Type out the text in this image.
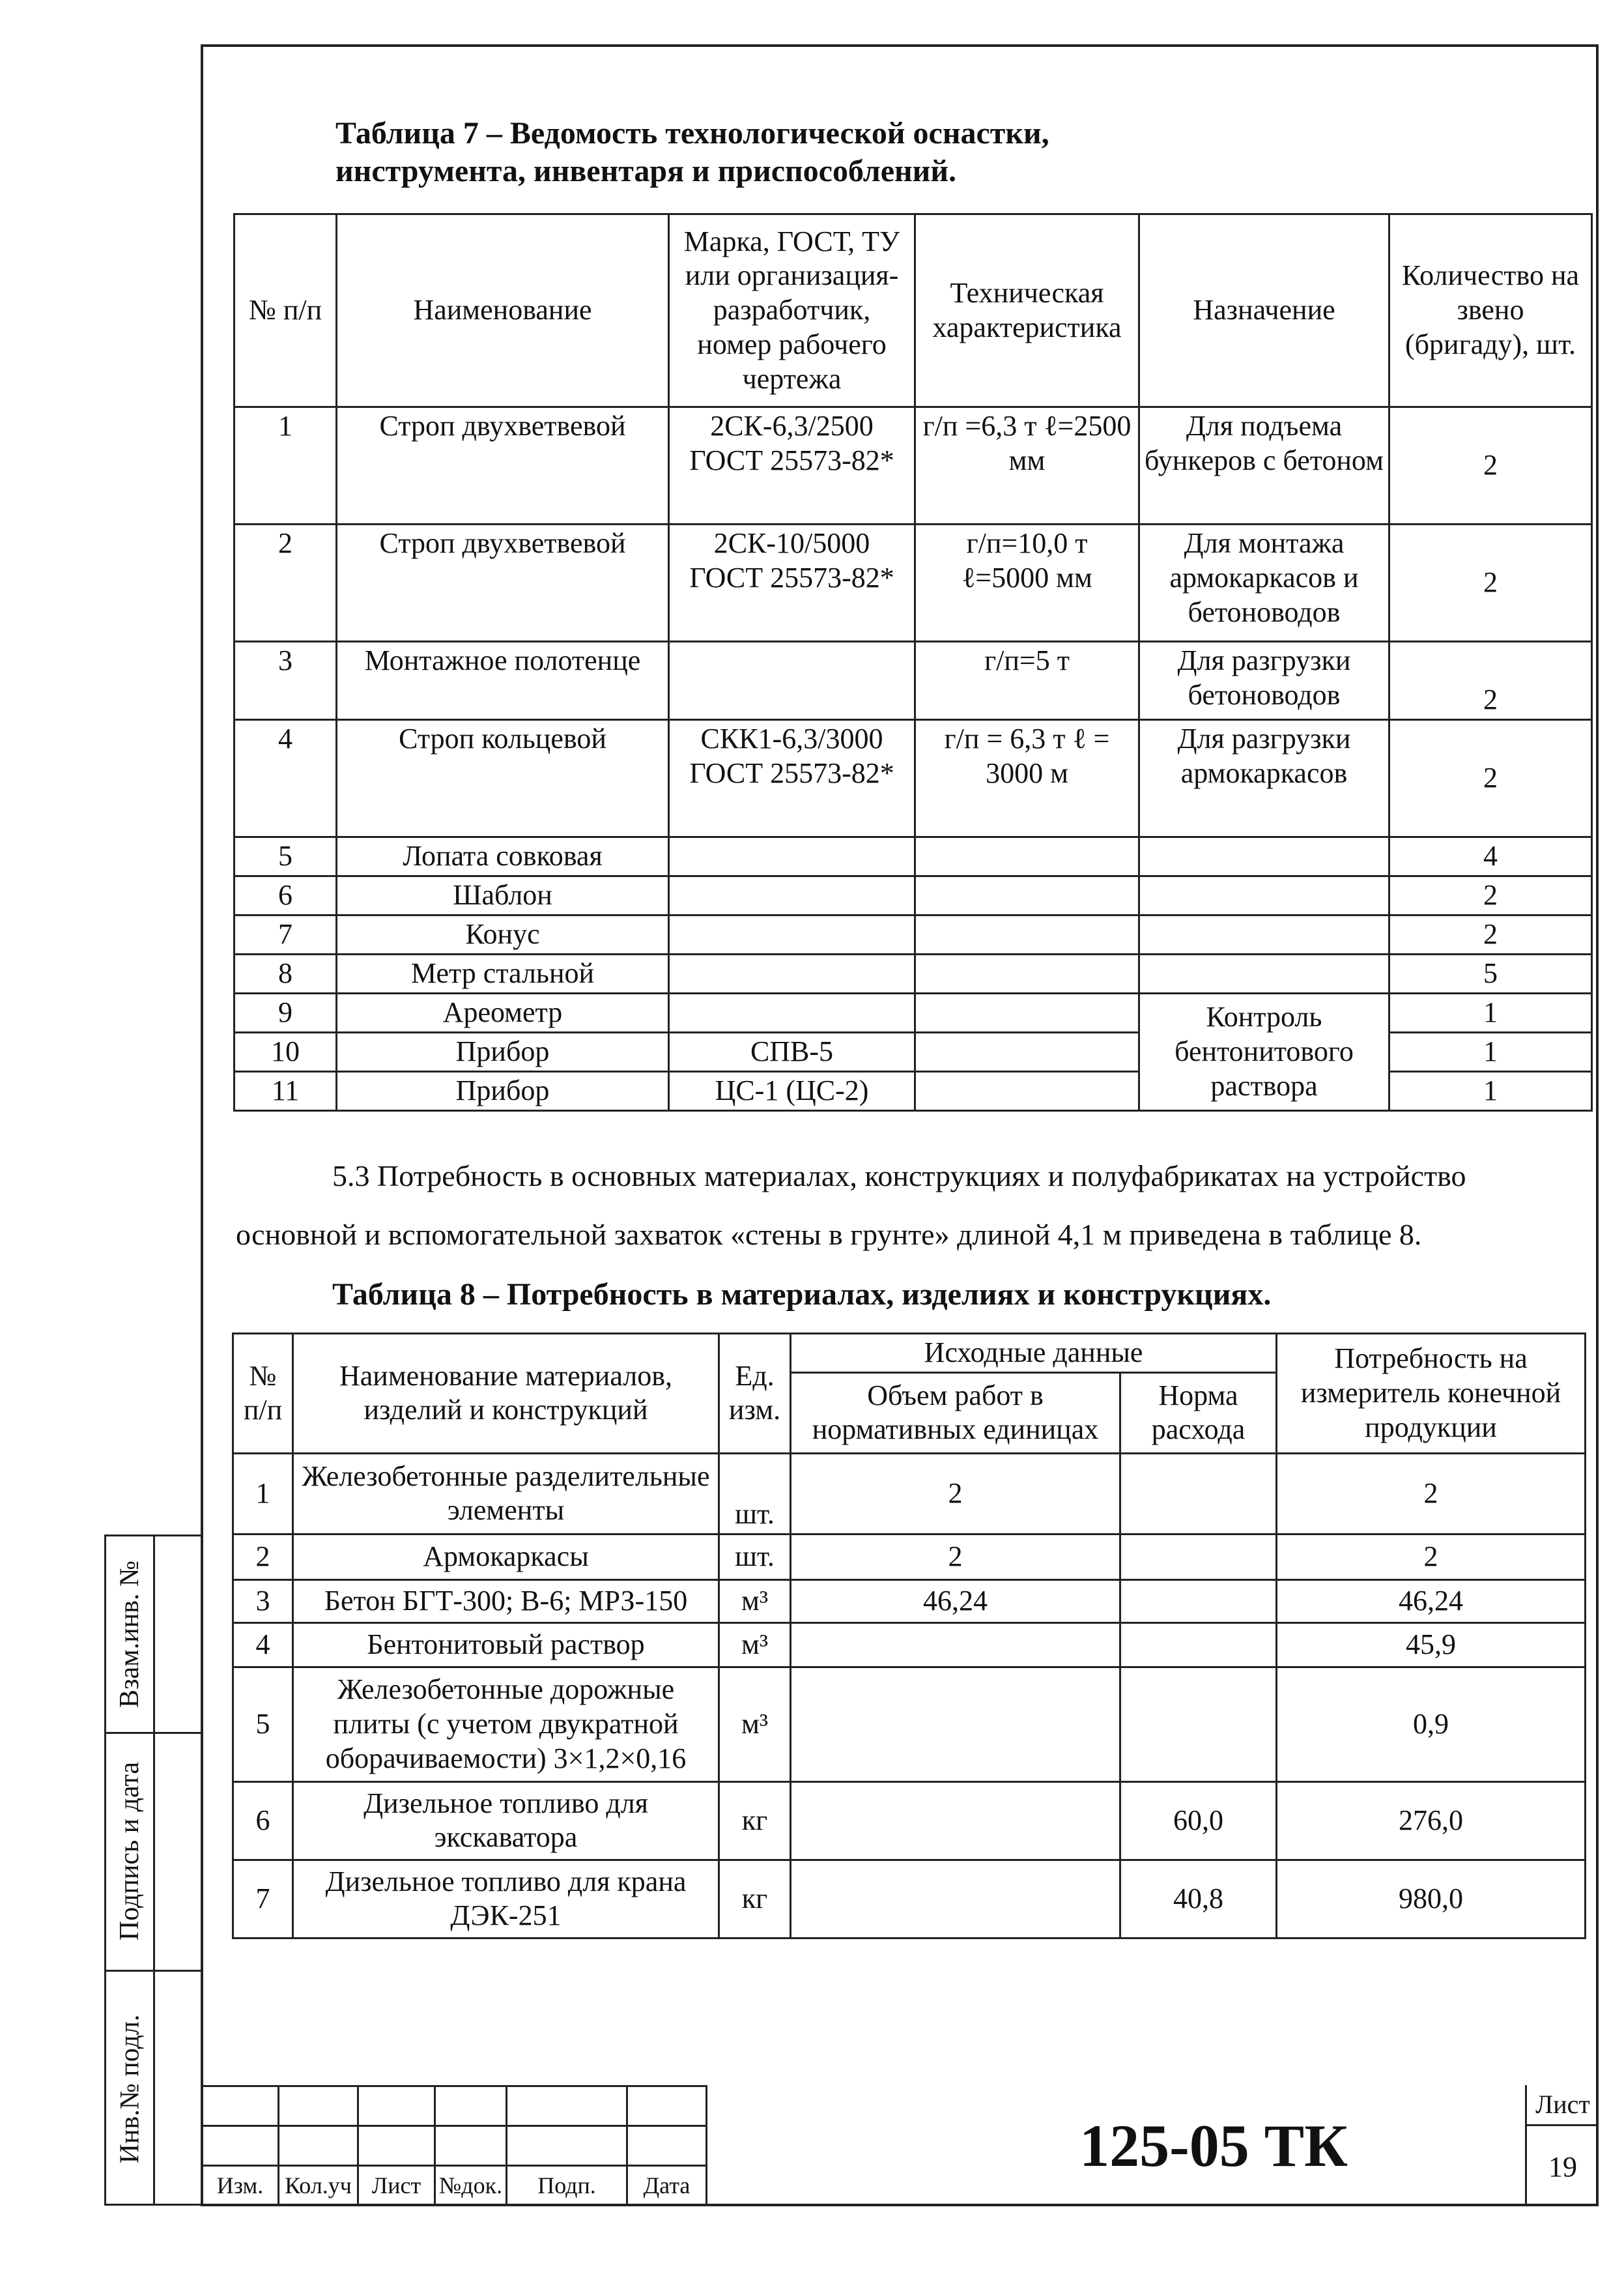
Взам.инв. №
Подпись и дата
Инв.№ подл.
Таблица 7 – Ведомость технологической оснастки,
инструмента, инвентаря и приспособлений.
№ п/п	Наименование	Марка, ГОСТ, ТУ или организация-разработчик, номер рабочего чертежа	Техническая характеристика	Назначение	Количество на звено (бригаду), шт.
1	Строп двухветвевой	2СК-6,3/2500 ГОСТ 25573-82*	г/п =6,3 т ℓ=2500 мм	Для подъема бункеров с бетоном	2
2	Строп двухветвевой	2СК-10/5000 ГОСТ 25573-82*	г/п=10,0 т ℓ=5000 мм	Для монтажа армокаркасов и бетоноводов	2
3	Монтажное полотенце		г/п=5 т	Для разгрузки бетоноводов	2
4	Строп кольцевой	СКК1-6,3/3000 ГОСТ 25573-82*	г/п = 6,3 т ℓ = 3000 м	Для разгрузки армокаркасов	2
5	Лопата совковая				4
6	Шаблон				2
7	Конус				2
8	Метр стальной				5
9	Ареометр			Контроль бентонитового раствора	1
10	Прибор	СПВ-5			1
11	Прибор	ЦС-1 (ЦС-2)			1
5.3 Потребность в основных материалах, конструкциях и полуфабрикатах на устройство
основной и вспомогательной захваток «стены в грунте» длиной 4,1 м приведена в таблице 8.
Таблица 8 – Потребность в материалах, изделиях и конструкциях.
№ п/п	Наименование материалов, изделий и конструкций	Ед. изм.	Исходные данные		Потребность на измеритель конечной продукции
			Объем работ в нормативных единицах	Норма расхода	
1	Железобетонные разделительные элементы	шт.	2		2
2	Армокаркасы	шт.	2		2
3	Бетон БГТ-300; В-6; МРЗ-150	м³	46,24		46,24
4	Бентонитовый раствор	м³			45,9
5	Железобетонные дорожные плиты (с учетом двукратной оборачиваемости) 3×1,2×0,16	м³			0,9
6	Дизельное топливо для экскаватора	кг		60,0	276,0
7	Дизельное топливо для крана ДЭК-251	кг		40,8	980,0

Изм.	Кол.уч	Лист	№док.	Подп.	Дата
125-05 ТК
Лист
19
